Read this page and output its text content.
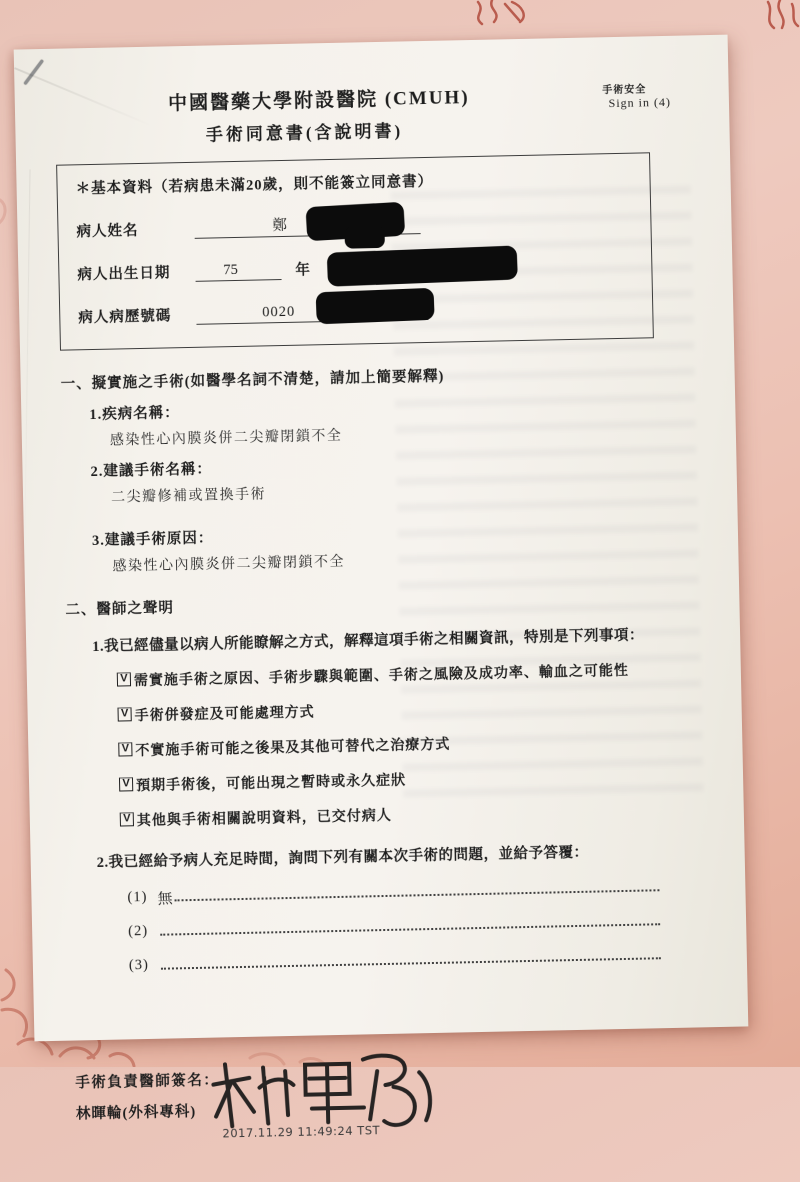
中國醫藥大學附設醫院 (CMUH)
手術同意書(含說明書)
手術安全
Sign in (4)
＊基本資料（若病患未滿20歲，則不能簽立同意書）
病人姓名	鄭
病人出生日期	75	年
病人病歷號碼	0020
一、擬實施之手術(如醫學名詞不清楚，請加上簡要解釋)
1.疾病名稱：
感染性心內膜炎併二尖瓣閉鎖不全
2.建議手術名稱：
二尖瓣修補或置換手術
3.建議手術原因：
感染性心內膜炎併二尖瓣閉鎖不全
二、醫師之聲明
1.我已經儘量以病人所能瞭解之方式，解釋這項手術之相關資訊，特別是下列事項：
V 需實施手術之原因、手術步驟與範圍、手術之風險及成功率、輸血之可能性
V 手術併發症及可能處理方式
V 不實施手術可能之後果及其他可替代之治療方式
V 預期手術後，可能出現之暫時或永久症狀
V 其他與手術相關說明資料，已交付病人
2.我已經給予病人充足時間，詢問下列有關本次手術的問題，並給予答覆：
(1) 無
(2)
(3)
手術負責醫師簽名：
林暉輪(外科專科)
2017.11.29 11:49:24 TST
